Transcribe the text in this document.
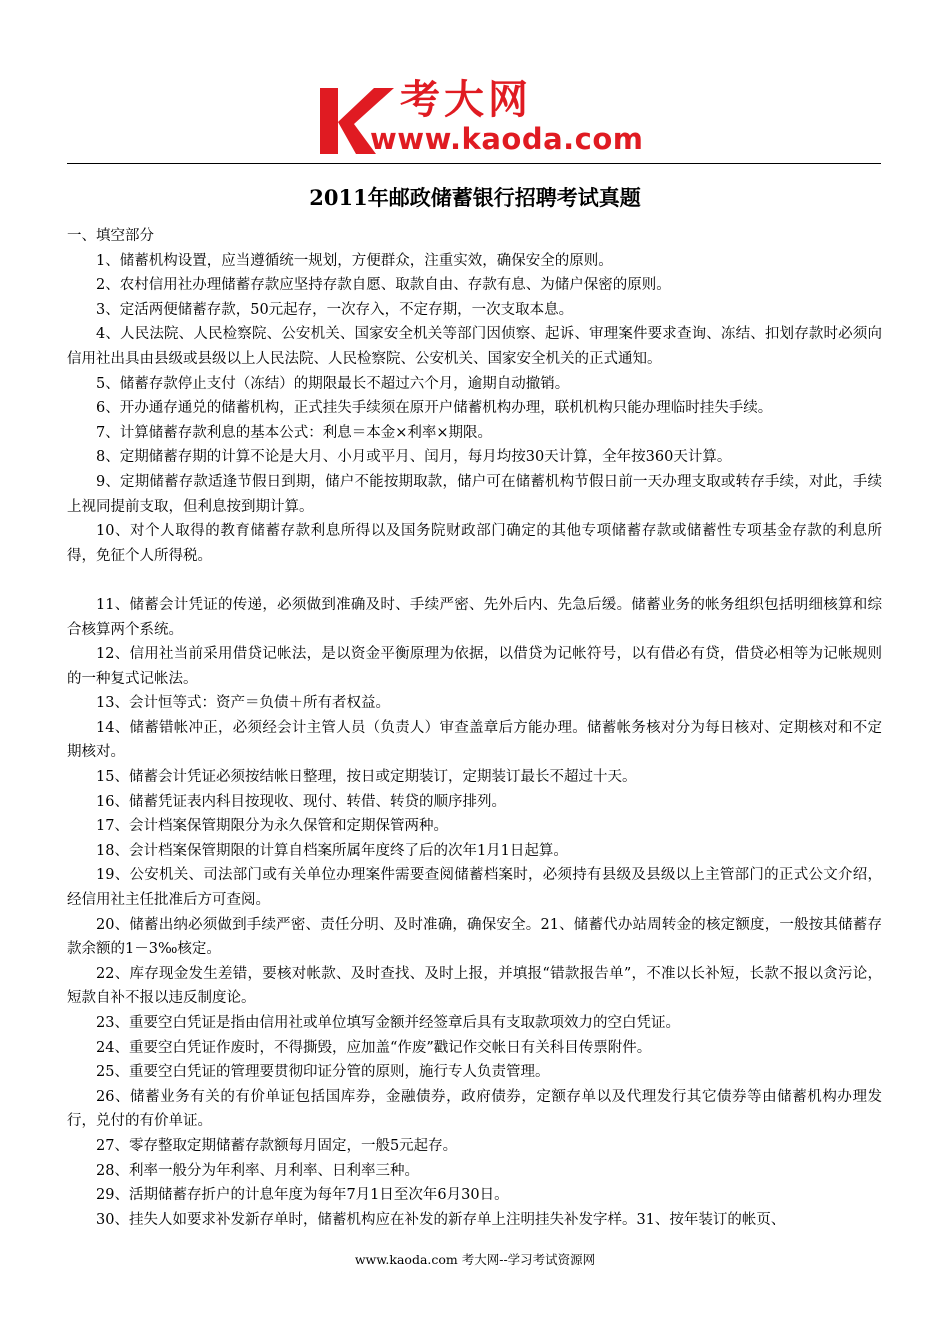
考大网
www.kaoda.com
2011年邮政储蓄银行招聘考试真题

一、填空部分

1、储蓄机构设置，应当遵循统一规划，方便群众，注重实效，确保安全的原则。

2、农村信用社办理储蓄存款应坚持存款自愿、取款自由、存款有息、为储户保密的原则。

3、定活两便储蓄存款，50元起存，一次存入，不定存期，一次支取本息。

4、人民法院、人民检察院、公安机关、国家安全机关等部门因侦察、起诉、审理案件要求查询、冻结、扣划存款时必须向信用社出具由县级或县级以上人民法院、人民检察院、公安机关、国家安全机关的正式通知。

5、储蓄存款停止支付（冻结）的期限最长不超过六个月，逾期自动撤销。

6、开办通存通兑的储蓄机构，正式挂失手续须在原开户储蓄机构办理，联机机构只能办理临时挂失手续。

7、计算储蓄存款利息的基本公式：利息＝本金×利率×期限。

8、定期储蓄存期的计算不论是大月、小月或平月、闰月，每月均按30天计算，全年按360天计算。

9、定期储蓄存款适逢节假日到期，储户不能按期取款，储户可在储蓄机构节假日前一天办理支取或转存手续，对此，手续上视同提前支取，但利息按到期计算。

10、对个人取得的教育储蓄存款利息所得以及国务院财政部门确定的其他专项储蓄存款或储蓄性专项基金存款的利息所得，免征个人所得税。

11、储蓄会计凭证的传递，必须做到准确及时、手续严密、先外后内、先急后缓。储蓄业务的帐务组织包括明细核算和综合核算两个系统。

12、信用社当前采用借贷记帐法，是以资金平衡原理为依据，以借贷为记帐符号，以有借必有贷，借贷必相等为记帐规则的一种复式记帐法。

13、会计恒等式：资产＝负债＋所有者权益。

14、储蓄错帐冲正，必须经会计主管人员（负责人）审查盖章后方能办理。储蓄帐务核对分为每日核对、定期核对和不定期核对。

15、储蓄会计凭证必须按结帐日整理，按日或定期装订，定期装订最长不超过十天。

16、储蓄凭证表内科目按现收、现付、转借、转贷的顺序排列。

17、会计档案保管期限分为永久保管和定期保管两种。

18、会计档案保管期限的计算自档案所属年度终了后的次年1月1日起算。

19、公安机关、司法部门或有关单位办理案件需要查阅储蓄档案时，必须持有县级及县级以上主管部门的正式公文介绍，经信用社主任批准后方可查阅。

20、储蓄出纳必须做到手续严密、责任分明、及时准确，确保安全。21、储蓄代办站周转金的核定额度，一般按其储蓄存款余额的1－3‰核定。

22、库存现金发生差错，要核对帐款、及时查找、及时上报，并填报“错款报告单”，不准以长补短，长款不报以贪污论，短款自补不报以违反制度论。

23、重要空白凭证是指由信用社或单位填写金额并经签章后具有支取款项效力的空白凭证。

24、重要空白凭证作废时，不得撕毁，应加盖“作废”戳记作交帐日有关科目传票附件。

25、重要空白凭证的管理要贯彻印证分管的原则，施行专人负责管理。

26、储蓄业务有关的有价单证包括国库券，金融债券，政府债券，定额存单以及代理发行其它债券等由储蓄机构办理发行，兑付的有价单证。

27、零存整取定期储蓄存款额每月固定，一般5元起存。

28、利率一般分为年利率、月利率、日利率三种。

29、活期储蓄存折户的计息年度为每年7月1日至次年6月30日。

30、挂失人如要求补发新存单时，储蓄机构应在补发的新存单上注明挂失补发字样。31、按年装订的帐页、

www.kaoda.com 考大网--学习考试资源网
